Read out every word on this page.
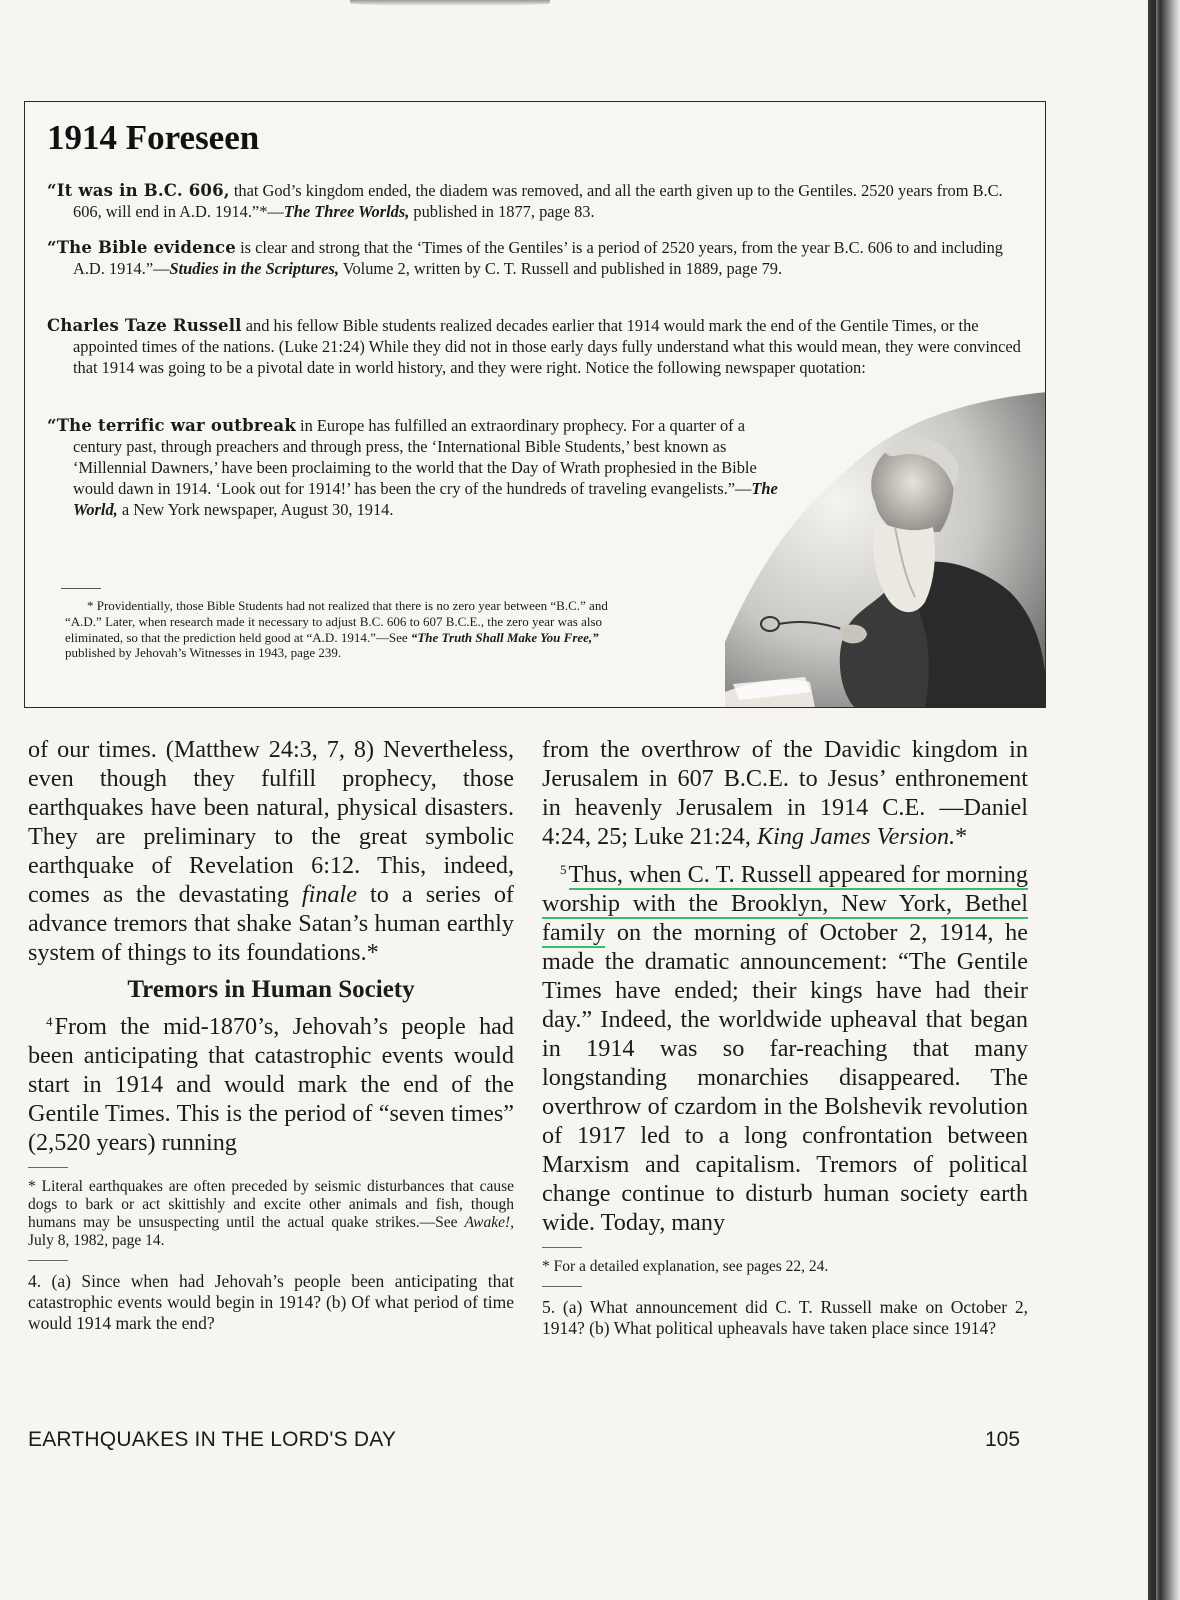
1914 Foreseen

“It was in B.C. 606, that God’s kingdom ended, the diadem was removed, and all the earth given up to the Gentiles. 2520 years from B.C. 606, will end in A.D. 1914.”*—The Three Worlds, published in 1877, page 83.

“The Bible evidence is clear and strong that the ‘Times of the Gentiles’ is a period of 2520 years, from the year B.C. 606 to and including A.D. 1914.”—Studies in the Scriptures, Volume 2, written by C. T. Russell and published in 1889, page 79.

Charles Taze Russell and his fellow Bible students realized decades earlier that 1914 would mark the end of the Gentile Times, or the appointed times of the nations. (Luke 21:24) While they did not in those early days fully understand what this would mean, they were convinced that 1914 was going to be a pivotal date in world history, and they were right. Notice the following newspaper quotation:

“The terrific war outbreak in Europe has fulfilled an extraordinary prophecy. For a quarter of a century past, through preachers and through press, the ‘International Bible Students,’ best known as ‘Millennial Dawners,’ have been proclaiming to the world that the Day of Wrath prophesied in the Bible would dawn in 1914. ‘Look out for 1914!’ has been the cry of the hundreds of traveling evangelists.”—The World, a New York newspaper, August 30, 1914.

* Providentially, those Bible Students had not realized that there is no zero year between “B.C.” and “A.D.” Later, when research made it necessary to adjust B.C. 606 to 607 B.C.E., the zero year was also eliminated, so that the prediction held good at “A.D. 1914.”—See “The Truth Shall Make You Free,” published by Jehovah’s Witnesses in 1943, page 239.

of our times. (Matthew 24:3, 7, 8) Nevertheless, even though they fulfill prophecy, those earthquakes have been natural, physical disasters. They are preliminary to the great symbolic earthquake of Revelation 6:12. This, indeed, comes as the devastating finale to a series of advance tremors that shake Satan’s human earthly system of things to its foundations.*

Tremors in Human Society

$^4$From the mid-1870’s, Jehovah’s people had been anticipating that catastrophic events would start in 1914 and would mark the end of the Gentile Times. This is the period of “seven times” (2,520 years) running

* Literal earthquakes are often preceded by seismic disturbances that cause dogs to bark or act skittishly and excite other animals and fish, though humans may be unsuspecting until the actual quake strikes.—See Awake!, July 8, 1982, page 14.

4. (a) Since when had Jehovah’s people been anticipating that catastrophic events would begin in 1914? (b) Of what period of time would 1914 mark the end?

from the overthrow of the Davidic kingdom in Jerusalem in 607 B.C.E. to Jesus’ enthronement in heavenly Jerusalem in 1914 C.E. —Daniel 4:24, 25; Luke 21:24, King James Version.*

$^5$Thus, when C. T. Russell appeared for morning worship with the Brooklyn, New York, Bethel family on the morning of October 2, 1914, he made the dramatic announcement: “The Gentile Times have ended; their kings have had their day.” Indeed, the worldwide upheaval that began in 1914 was so far-reaching that many longstanding monarchies disappeared. The overthrow of czardom in the Bolshevik revolution of 1917 led to a long confrontation between Marxism and capitalism. Tremors of political change continue to disturb human society earth wide. Today, many

* For a detailed explanation, see pages 22, 24.

5. (a) What announcement did C. T. Russell make on October 2, 1914? (b) What political upheavals have taken place since 1914?

EARTHQUAKES IN THE LORD'S DAY	105
